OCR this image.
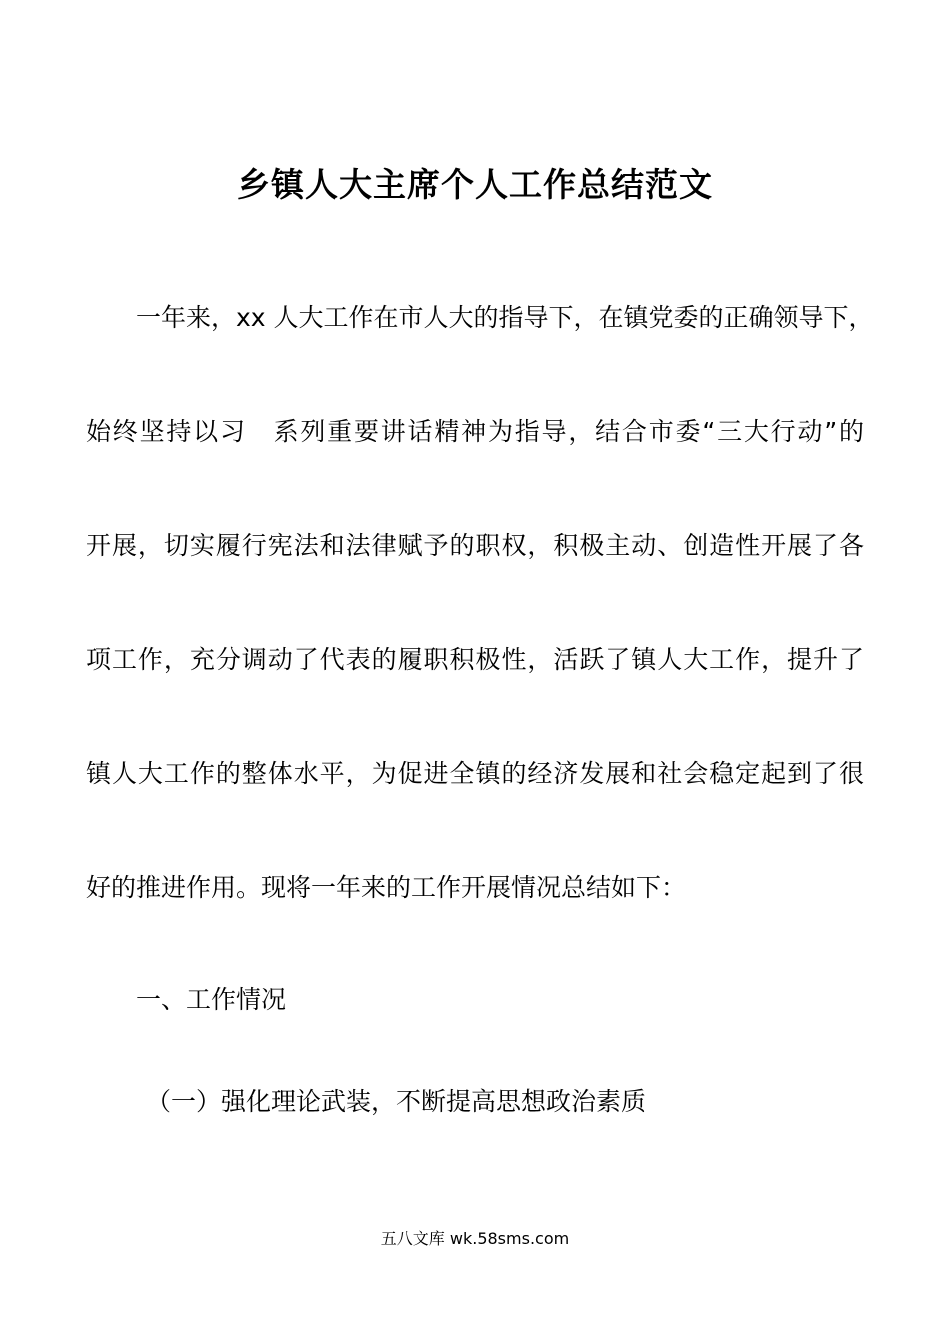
乡镇人大主席个人工作总结范文

一年来，xx 人大工作在市人大的指导下，在镇党委的正确领导下，

始终坚持以习　系列重要讲话精神为指导，结合市委“三大行动”的

开展，切实履行宪法和法律赋予的职权，积极主动、创造性开展了各

项工作，充分调动了代表的履职积极性，活跃了镇人大工作，提升了

镇人大工作的整体水平，为促进全镇的经济发展和社会稳定起到了很

好的推进作用。现将一年来的工作开展情况总结如下：

一、工作情况

（一）强化理论武装，不断提高思想政治素质

五八文库 wk.58sms.com
